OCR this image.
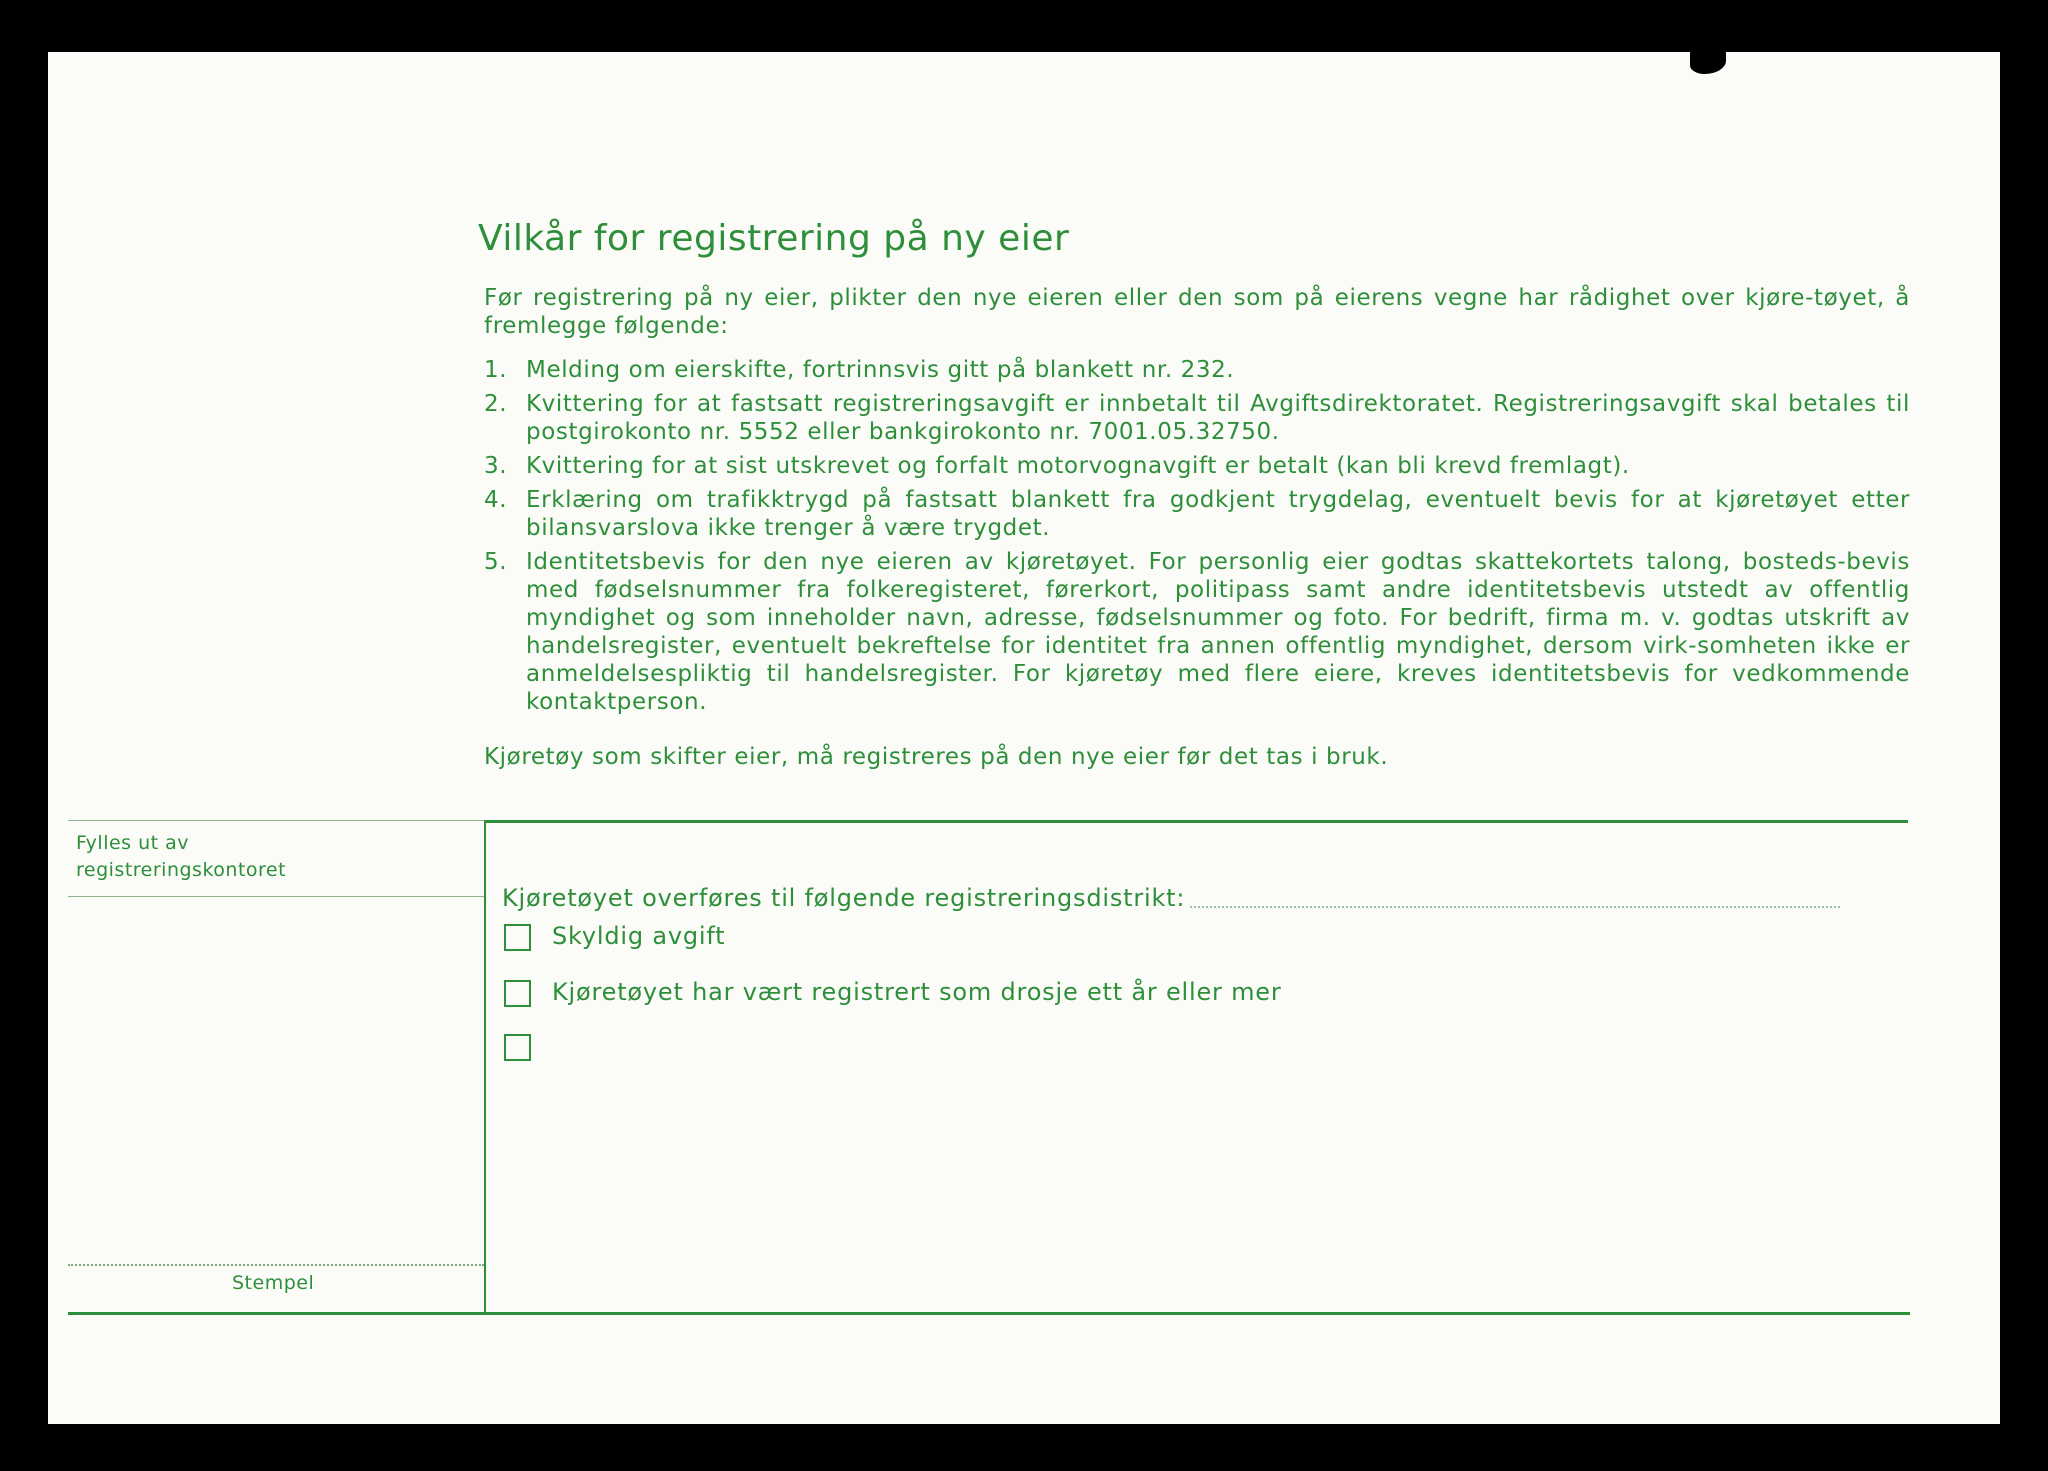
Vilkår for registrering på ny eier

Før registrering på ny eier, plikter den nye eieren eller den som på eierens vegne har rådighet over kjøre-tøyet, å fremlegge følgende:

1. Melding om eierskifte, fortrinnsvis gitt på blankett nr. 232.
2. Kvittering for at fastsatt registreringsavgift er innbetalt til Avgiftsdirektoratet. Registreringsavgift skal betales til postgirokonto nr. 5552 eller bankgirokonto nr. 7001.05.32750.
3. Kvittering for at sist utskrevet og forfalt motorvognavgift er betalt (kan bli krevd fremlagt).
4. Erklæring om trafikktrygd på fastsatt blankett fra godkjent trygdelag, eventuelt bevis for at kjøretøyet etter bilansvarslova ikke trenger å være trygdet.
5. Identitetsbevis for den nye eieren av kjøretøyet. For personlig eier godtas skattekortets talong, bosteds-bevis med fødselsnummer fra folkeregisteret, førerkort, politipass samt andre identitetsbevis utstedt av offentlig myndighet og som inneholder navn, adresse, fødselsnummer og foto. For bedrift, firma m. v. godtas utskrift av handelsregister, eventuelt bekreftelse for identitet fra annen offentlig myndighet, dersom virk-somheten ikke er anmeldelsespliktig til handelsregister. For kjøretøy med flere eiere, kreves identitetsbevis for vedkommende kontaktperson.

Kjøretøy som skifter eier, må registreres på den nye eier før det tas i bruk.

Fylles ut av
registreringskontoret
Stempel
Kjøretøyet overføres til følgende registreringsdistrikt:
Skyldig avgift
Kjøretøyet har vært registrert som drosje ett år eller mer
